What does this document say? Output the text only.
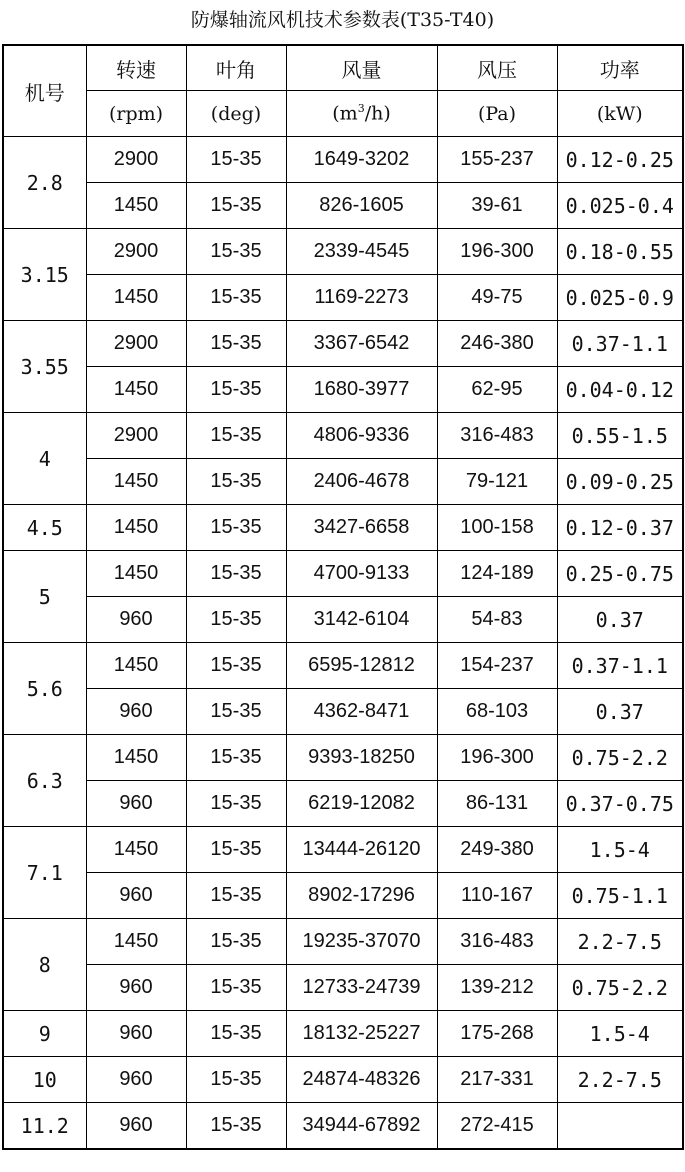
防爆轴流风机技术参数表(T35-T40)
机号	转速	叶角	风量	风压	功率
	(rpm)	(deg)	$(m^3/h)$	(Pa)	(kW)
2.8	2900	15-35	1649-3202	155-237	0.12-0.25
	1450	15-35	826-1605	39-61	0.025-0.4
3.15	2900	15-35	2339-4545	196-300	0.18-0.55
	1450	15-35	1169-2273	49-75	0.025-0.9
3.55	2900	15-35	3367-6542	246-380	0.37-1.1
	1450	15-35	1680-3977	62-95	0.04-0.12
4	2900	15-35	4806-9336	316-483	0.55-1.5
	1450	15-35	2406-4678	79-121	0.09-0.25
4.5	1450	15-35	3427-6658	100-158	0.12-0.37
5	1450	15-35	4700-9133	124-189	0.25-0.75
	960	15-35	3142-6104	54-83	0.37
5.6	1450	15-35	6595-12812	154-237	0.37-1.1
	960	15-35	4362-8471	68-103	0.37
6.3	1450	15-35	9393-18250	196-300	0.75-2.2
	960	15-35	6219-12082	86-131	0.37-0.75
7.1	1450	15-35	13444-26120	249-380	1.5-4
	960	15-35	8902-17296	110-167	0.75-1.1
8	1450	15-35	19235-37070	316-483	2.2-7.5
	960	15-35	12733-24739	139-212	0.75-2.2
9	960	15-35	18132-25227	175-268	1.5-4
10	960	15-35	24874-48326	217-331	2.2-7.5
11.2	960	15-35	34944-67892	272-415	
